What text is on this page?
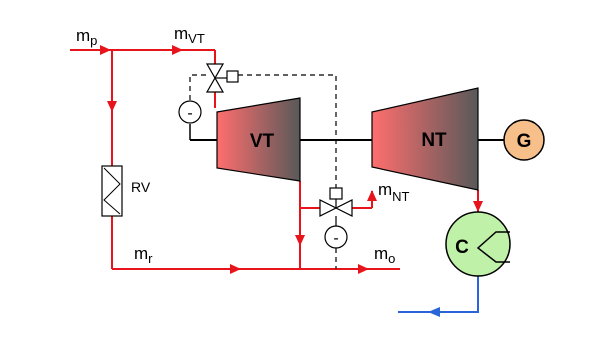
-
-
VT	NT	G
C
RV
$m_p$	$m_{VT}$
$m_{NT}$
$m_r$	$m_o$
